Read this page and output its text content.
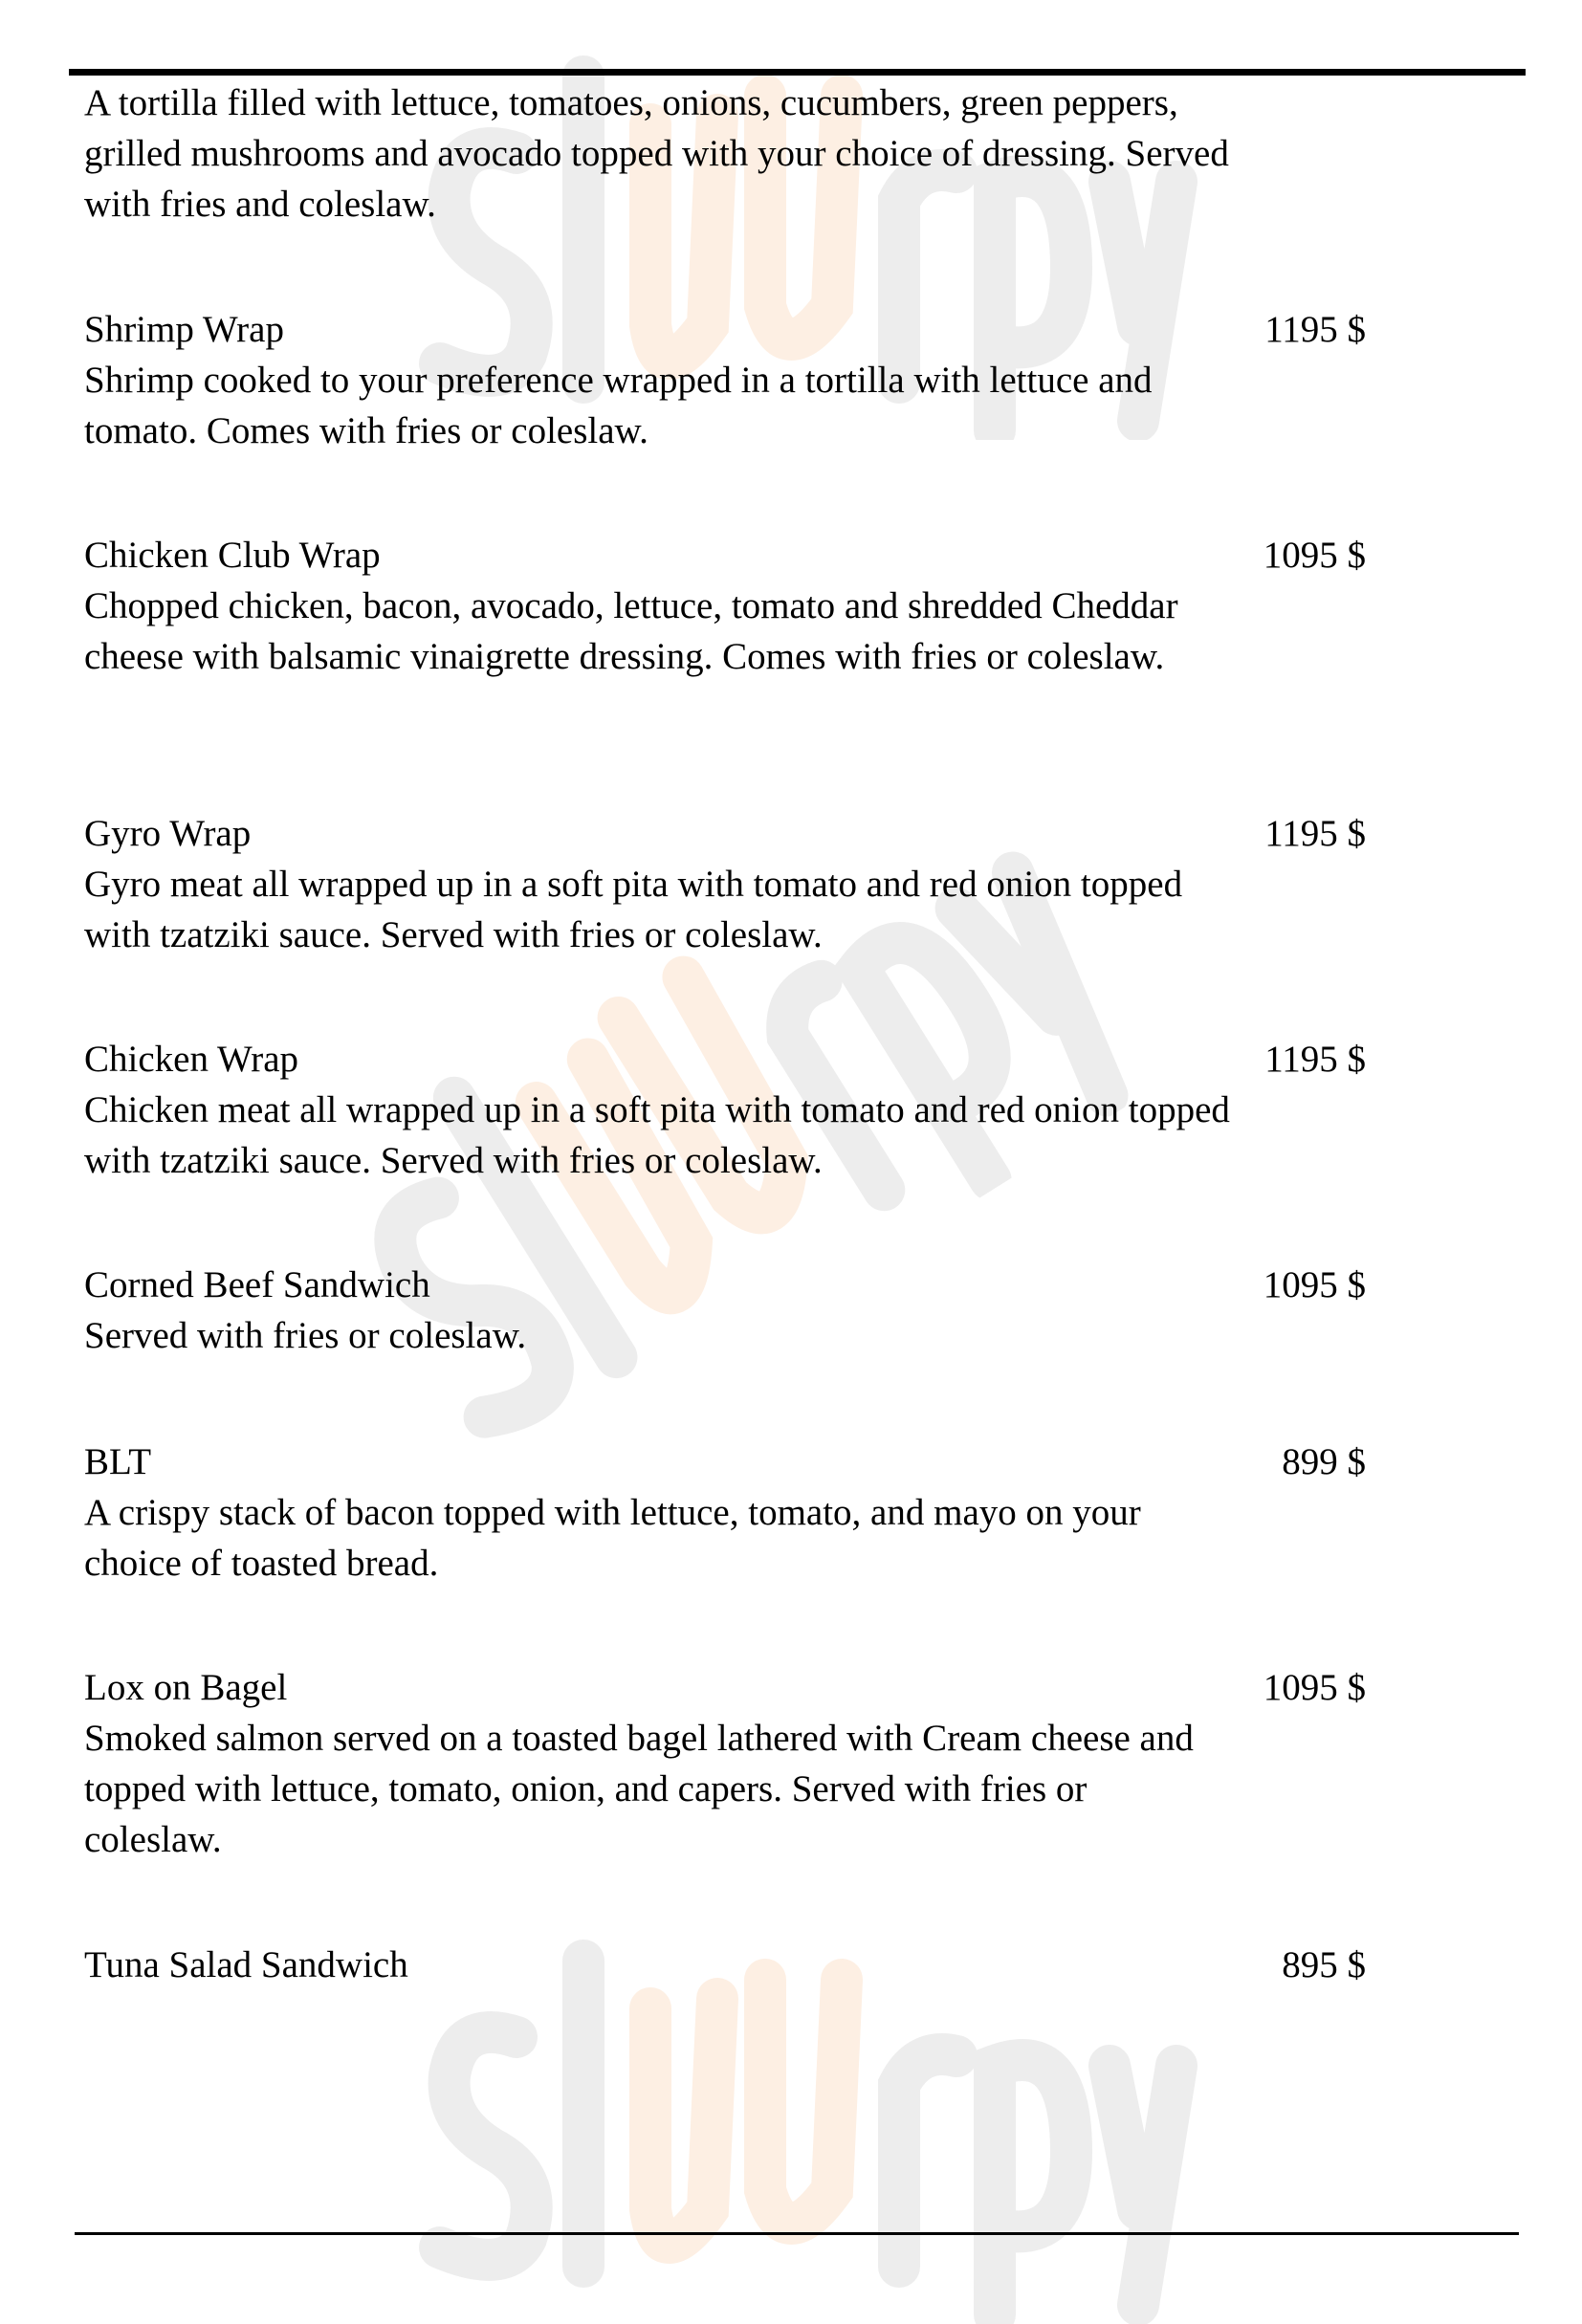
A tortilla filled with lettuce, tomatoes, onions, cucumbers, green peppers, grilled mushrooms and avocado topped with your choice of dressing. Served with fries and coleslaw.
Shrimp Wrap	1195 $
Shrimp cooked to your preference wrapped in a tortilla with lettuce and tomato. Comes with fries or coleslaw.
Chicken Club Wrap	1095 $
Chopped chicken, bacon, avocado, lettuce, tomato and shredded Cheddar cheese with balsamic vinaigrette dressing. Comes with fries or coleslaw.
Gyro Wrap	1195 $
Gyro meat all wrapped up in a soft pita with tomato and red onion topped with tzatziki sauce. Served with fries or coleslaw.
Chicken Wrap	1195 $
Chicken meat all wrapped up in a soft pita with tomato and red onion topped with tzatziki sauce. Served with fries or coleslaw.
Corned Beef Sandwich	1095 $
Served with fries or coleslaw.
BLT	899 $
A crispy stack of bacon topped with lettuce, tomato, and mayo on your choice of toasted bread.
Lox on Bagel	1095 $
Smoked salmon served on a toasted bagel lathered with Cream cheese and topped with lettuce, tomato, onion, and capers. Served with fries or coleslaw.
Tuna Salad Sandwich	895 $
